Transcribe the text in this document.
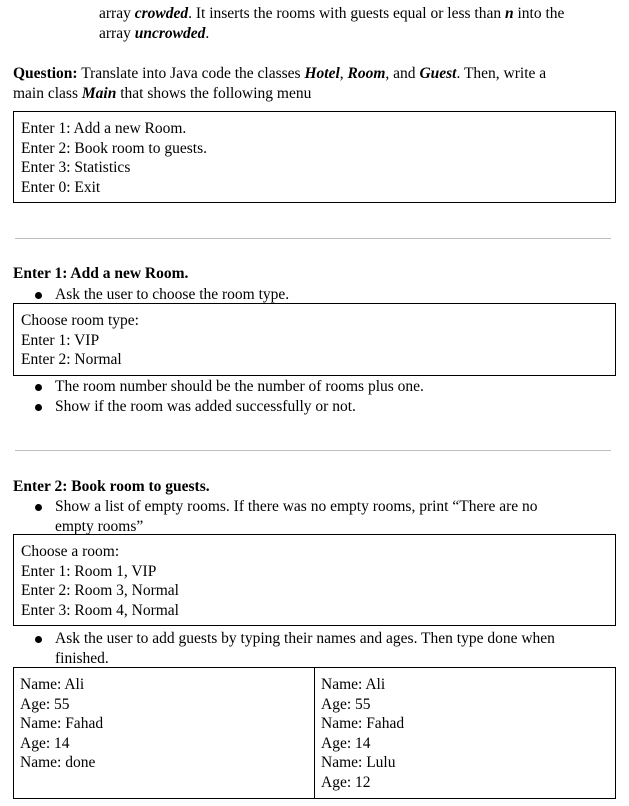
array crowded. It inserts the rooms with guests equal or less than n into the

array uncrowded.

Question: Translate into Java code the classes Hotel, Room, and Guest. Then, write a

main class Main that shows the following menu

Enter 1: Add a new Room.
Enter 2: Book room to guests.
Enter 3: Statistics
Enter 0: Exit
Enter 1: Add a new Room.
Ask the user to choose the room type.
Choose room type:
Enter 1: VIP
Enter 2: Normal
The room number should be the number of rooms plus one.
Show if the room was added successfully or not.
Enter 2: Book room to guests.
Show a list of empty rooms. If there was no empty rooms, print “There are no
empty rooms”
Choose a room:
Enter 1: Room 1, VIP
Enter 2: Room 3, Normal
Enter 3: Room 4, Normal
Ask the user to add guests by typing their names and ages. Then type done when
finished.
Name: Ali
Age: 55
Name: Fahad
Age: 14
Name: done
Name: Ali
Age: 55
Name: Fahad
Age: 14
Name: Lulu
Age: 12
